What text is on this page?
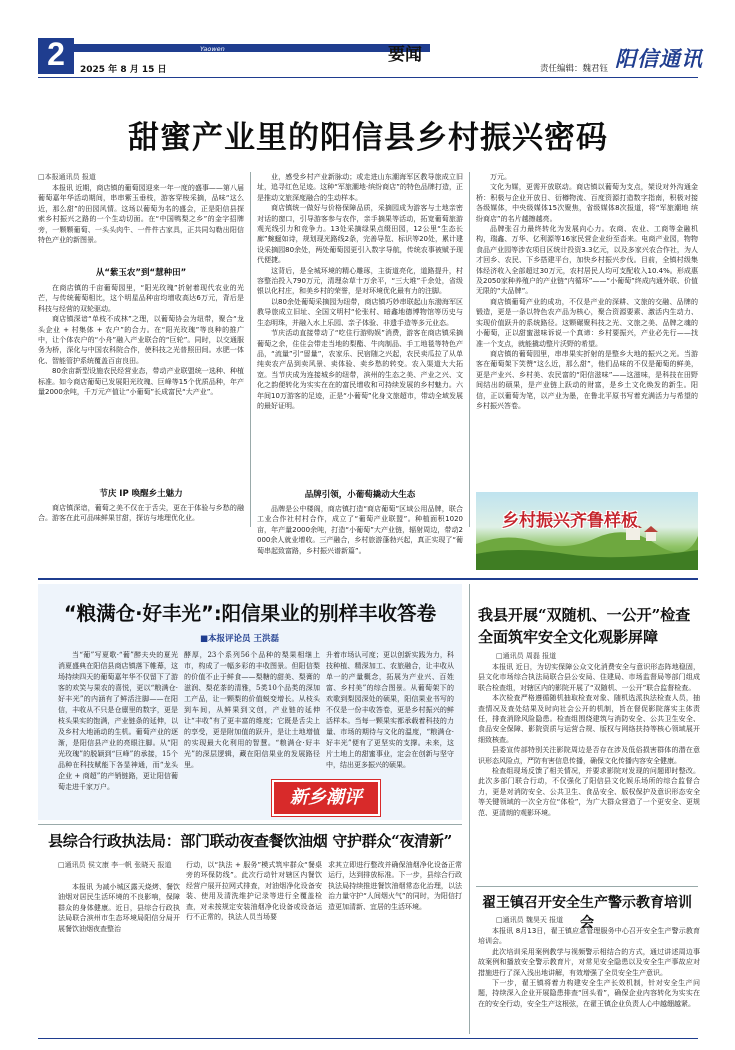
2	Yaowen
2025 年 8 月 15 日
要闻
责任编辑：魏君钰 阳信通讯
甜蜜产业里的阳信县乡村振兴密码
□本报通讯员 报道

本报讯 近期，商店镇的葡萄园迎来一年一度的盛事——第八届葡萄嘉年华活动期间，串串紫玉垂枝，游客穿梭采摘，品味“这么近，那么甜”的田园风情。这场以葡萄为名的盛会，正是阳信县探索乡村振兴之路的一个生动切面。在“中国鸭梨之乡”的金字招牌旁，一颗颗葡萄、一头头肉牛、一件件古家具，正共同勾勒出阳信特色产业的新图景。

从“紫玉农”到“慧种田”

在商店镇的千亩葡萄园里，“阳光玫瑰”折射着现代农业的光芒，与传统葡萄相比，这个明星品种亩均增收高达6万元，背后是科技与经营的双轮驱动。

商店镇深谙“单枝不成林”之理，以葡萄协会为纽带，聚合“龙头企业 + 村集体 + 农户”的合力。在“阳光玫瑰”等良种的推广中，让个体农户的“小舟”融入产业联合的“巨轮”。同时，以交通服务为桥，深化与中国农科院合作，使科技之光普照田间。水肥一体化、智能管护系统覆盖百亩良田。

80余亩新型设施农民经营业态，带动产业联盟统一选种、种植标准。如今商店葡萄已发展阳光玫瑰、巨峰等15个优质品种，年产量2000余吨，千万元产值让“小葡萄”长成富民“大产业”。

节庆 IP 唤醒乡土魅力

商店镇深谙，葡萄之美不仅在于舌尖，更在于体验与乡愁的融合。游客在此可品味鲜果甘甜，探访与地理优化业。

业，感受乡村产业新脉动；或走进山东潮海军区教导旅成立旧址，追寻红色足迹。这种“军旅潮地·缤纷商店”的特色品牌打造，正是推动文旅深度融合的生动样本。

商店镇统一做好与价格保障品质，采摘园成为游客与土地亲密对话的窗口，引导游客参与农作，亲手摘果等活动，拓宽葡萄旅游观光线引力和竞争力。13处采摘绿果点缀田园，12公里“生态长廊”蜿蜒如诗，规划现光路线2条，完善导览、标识等20处，累计建设采摘园80余处，两处葡萄园更引入数字导航，传统农事被赋予现代便捷。

这背后，是全城环境的精心雕琢，主街道亮化，道路提升，村容整治投入790万元，清理杂草十万余平，“三大堆”千余处，省级银以化村庄，和美乡村的荣誉，是对环境优化最有力的注脚。

以80余处葡萄采摘园为纽带，商店镇巧妙串联起山东渤海军区教导旅成立旧址、全国文明村“伦张村、暗鑫地德博物馆等历史与生态明珠，并融入水上乐园、亲子体验、非遗手造等多元业态。

节庆活动直接带动了“吃住行游购娱”消费，游客在商店镇采摘葡萄之余，住住会带走当地的梨酯、牛肉制品、手工地毯等特色产品，“流量”引“留量”，农家乐、民宿随之兴起，农民卖瓜拉了从单纯卖农产品到卖风景、卖体验、卖乡愁的转变。农入渠道大大拓宽。当节庆成为连接城乡的纽带，滨州的生态之美、产业之兴、文化之韵便转化为实实在在的富民增收和可持续发展的乡村魅力。六年间10万游客的足迹，正是“小葡萄”化身文旅超市，带动全域发展的最好证明。

品牌引领，小葡萄撬动大生态

品牌是公中楼阁，商店镇打造“商店葡萄”区域公用品牌，联合工业合作社村村合作，成立了“葡萄产业联盟”。种植面积1020亩，年产量2000余吨，打造“小葡萄”大产业链，辐射周边，带动2000余人就业增收。三产融合，乡村旅游蓬勃兴起，真正实现了“葡萄串起致富路，乡村振兴谱新篇”。

万元。

文化为媒，更需开放联动。商店镇以葡萄为支点，架设对外沟通金桥：积极与企业开放日、衍樽物流、百度资源打造数字指南，积极对接各级媒体，中央级媒体15次聚焦，省级媒体8次报道，将“军旅潮地 缤纷商店”的名片越擦越亮。

品牌张召力最终转化为发展向心力。农商、农业、工商等金融机构，瑞鑫、万华、亿利源等16家民营企业纷至沓来。电商产业园，物物食品产业园等涉农项目区统计投资3.3亿元，以及多家兴农合作社，为人才回乡、农民、下乡搭建平台，加快乡村振兴步伐。目前，全镇村级集体经济收入全部超过30万元，农村居民人均可支配收入10.4%。形成惠及2050家种养殖户的产业链“内循环”——“小葡萄”终成内通外联、价值无限的“大品牌”。

商店镇葡萄产业的成功，不仅是产业的深耕、文旅的交融、品牌的锻造，更是一条以特色农产品为核心，聚合资源要素、激活内生动力、实现价值跃升的系统路径。这颗碾聚科技之光、文旅之美、品牌之魂的小葡萄，正以甜蜜滋味诉说一个真谛：乡村要振兴，产业必先行——找准一个支点，就能撬动整片沃野的希望。

商店镇的葡萄园里，串串果实折射的是整乡大地的振兴之光。当游客在葡萄架下笑赞“这么近，那么甜”，他们品味的不仅是葡萄的鲜美，更是产业兴、乡村美、农民富的“阳信滋味”——这滋味，是科技在田野间结出的硕果，是产业链上跃动的财富，是乡土文化焕发的新生。阳信，正以葡萄为笔，以产业为墨，在鲁北平原书写着充满活力与希望的乡村振兴答卷。

乡村振兴齐鲁样板
“粮满仓·好丰光”:阳信果业的别样丰收答卷
■本报评论员 王洪磊
当“葡”写夏歌·“葡”醉夫央的夏光消夏盛典在阳信县商店镇落下帷幕，这场持续四天的葡萄嘉年华不仅留下了游客的欢笑与果农的喜悦，更以“粮满仓·好丰光”的内涵有了鲜活注脚——在阳信，丰收从不只是仓廪里的数字，更是枝头果实的饱满，产业链条的延伸，以及乡村大地涌动的生机。葡萄产业的逐渐，是阳信县产业的亮眼注脚。从“阳光玫瑰”的脱颖到“巨峰”的承接，15个品种在科技赋能下各显神通，而“龙头企业 + 商超”的产销链路，更让阳信葡萄走进千家万户。
酵厚，23个系列56个品种的梨果相继上市，构成了一幅多彩的丰收图景。但阳信梨的价值不止于鲜食——梨糖的甜美、梨膏的滋润、梨花茶的清雅，5类10个品类的深加工产品，让一颗梨的价值蜕变增长。从枝头到车间，从鲜果到文创，产业链的延伸让“丰收”有了更丰富的维度；它既是舌尖上的享受，更是附加值的跃升，是让土地增值的实现最大化利用的智慧。“粮满仓·好丰光”的深层逻辑，藏在阳信果业的发展路径里。
升着市场认可度；更以创新实践为力，科技种植、精深加工、农旅融合，让丰收从单一的产量概念，拓展为产业兴、百姓富、乡村美”的综合图景。从葡萄架下的欢歌到梨园深处的硕果，阳信果业书写的不仅是一份丰收答卷，更是乡村振兴的鲜活样本。当每一颗果实都承载着科技的力量、市场的期待与文化的温度，“粮满仓·好丰光”便有了更坚实的支撑。未来，这片土地上的甜蜜事业，定会在创新与坚守中，结出更多振兴的硕果。
新乡潮评
我县开展“双随机、一公开”检查全面筑牢安全文化观影屏障
□通讯员 周磊 报道

本报讯 近日，为切实保障公众文化消费安全与意识形态阵地稳固，县文化市场综合执法局联合县公安局、住建局、市场监督局等部门组成联合检查组，对辖区内的影院开展了“双随机、一公开”联合监督检查。

本次检查严格遵循随机抽取检查对象、随机选派执法检查人员，抽查情况及查处结果及时向社会公开的机制，旨在督促影院落实主体责任，排查消除风险隐患。检查组围绕建筑与消防安全、公共卫生安全、食品安全保障、影院资质与运营合规、版权与网络扶持等核心领域展开细致核查。

县委宣传部特别关注影院周边是否存在涉及低俗损害群体的潜在意识形态风险点，严防有害信息传播，确保文化传播内容安全健康。

检查组现场反馈了相关情况，并要求影院对发现的问题即时整改。此次多部门联合行动，不仅强化了阳信县文化娱乐场所的综合监督合力，更是对消防安全、公共卫生、食品安全、版权保护及意识形态安全等关键领域的一次全方位“体检”，为广大群众营造了一个更安全、更规范、更清朗的观影环境。

翟王镇召开安全生产警示教育培训会
□通讯员 魏昊天 报道

本报讯 8月13日，翟王镇应急管理服务中心召开安全生产警示教育培训会。

此次培训采用案例教学与视频警示相结合的方式，通过讲述周边事故案例和播放安全警示教育片，对常见安全隐患以及安全生产事故应对措施进行了深入浅出地讲解，有效增强了全员安全生产意识。

下一步，翟王镇将着力构建安全生产长效机制，针对安全生产问题，持续深入企业开展隐患排查“回头看”，确保企业内容转化为实实在在的安全行动，安全生产这根弦，在翟王镇企业负责人心中越绷越紧。

县综合行政执法局：部门联动夜查餐饮油烟 守护群众“夜清新”
□通讯员 侯文康 李一帆 张晓天 报道
本报讯 为减小城区露天烧烤、餐饮油烟对居民生活环境的不良影响，保障群众的身体健康。近日，县综合行政执法局联合滨州市生态环境局阳信分局开展餐饮油烟夜查整治
行动，以“执法 + 服务”模式筑牢群众“餐桌旁的环保防线”。此次行动针对辖区内餐饮经营户展开拉网式排查，对油烟净化设备安装、使用及清洗维护记录等进行全覆盖检查，对未按规定安装油烟净化设备或设备运行不正常的，执法人员当场要
求其立即进行整改并确保油烟净化设备正常运行，达到排放标准。下一步，县综合行政执法局持续推进餐饮油烟常态化治理，以法治力量守护“人间烟火气”的同时，为阳信打造更加清新、宜居的生活环境。
